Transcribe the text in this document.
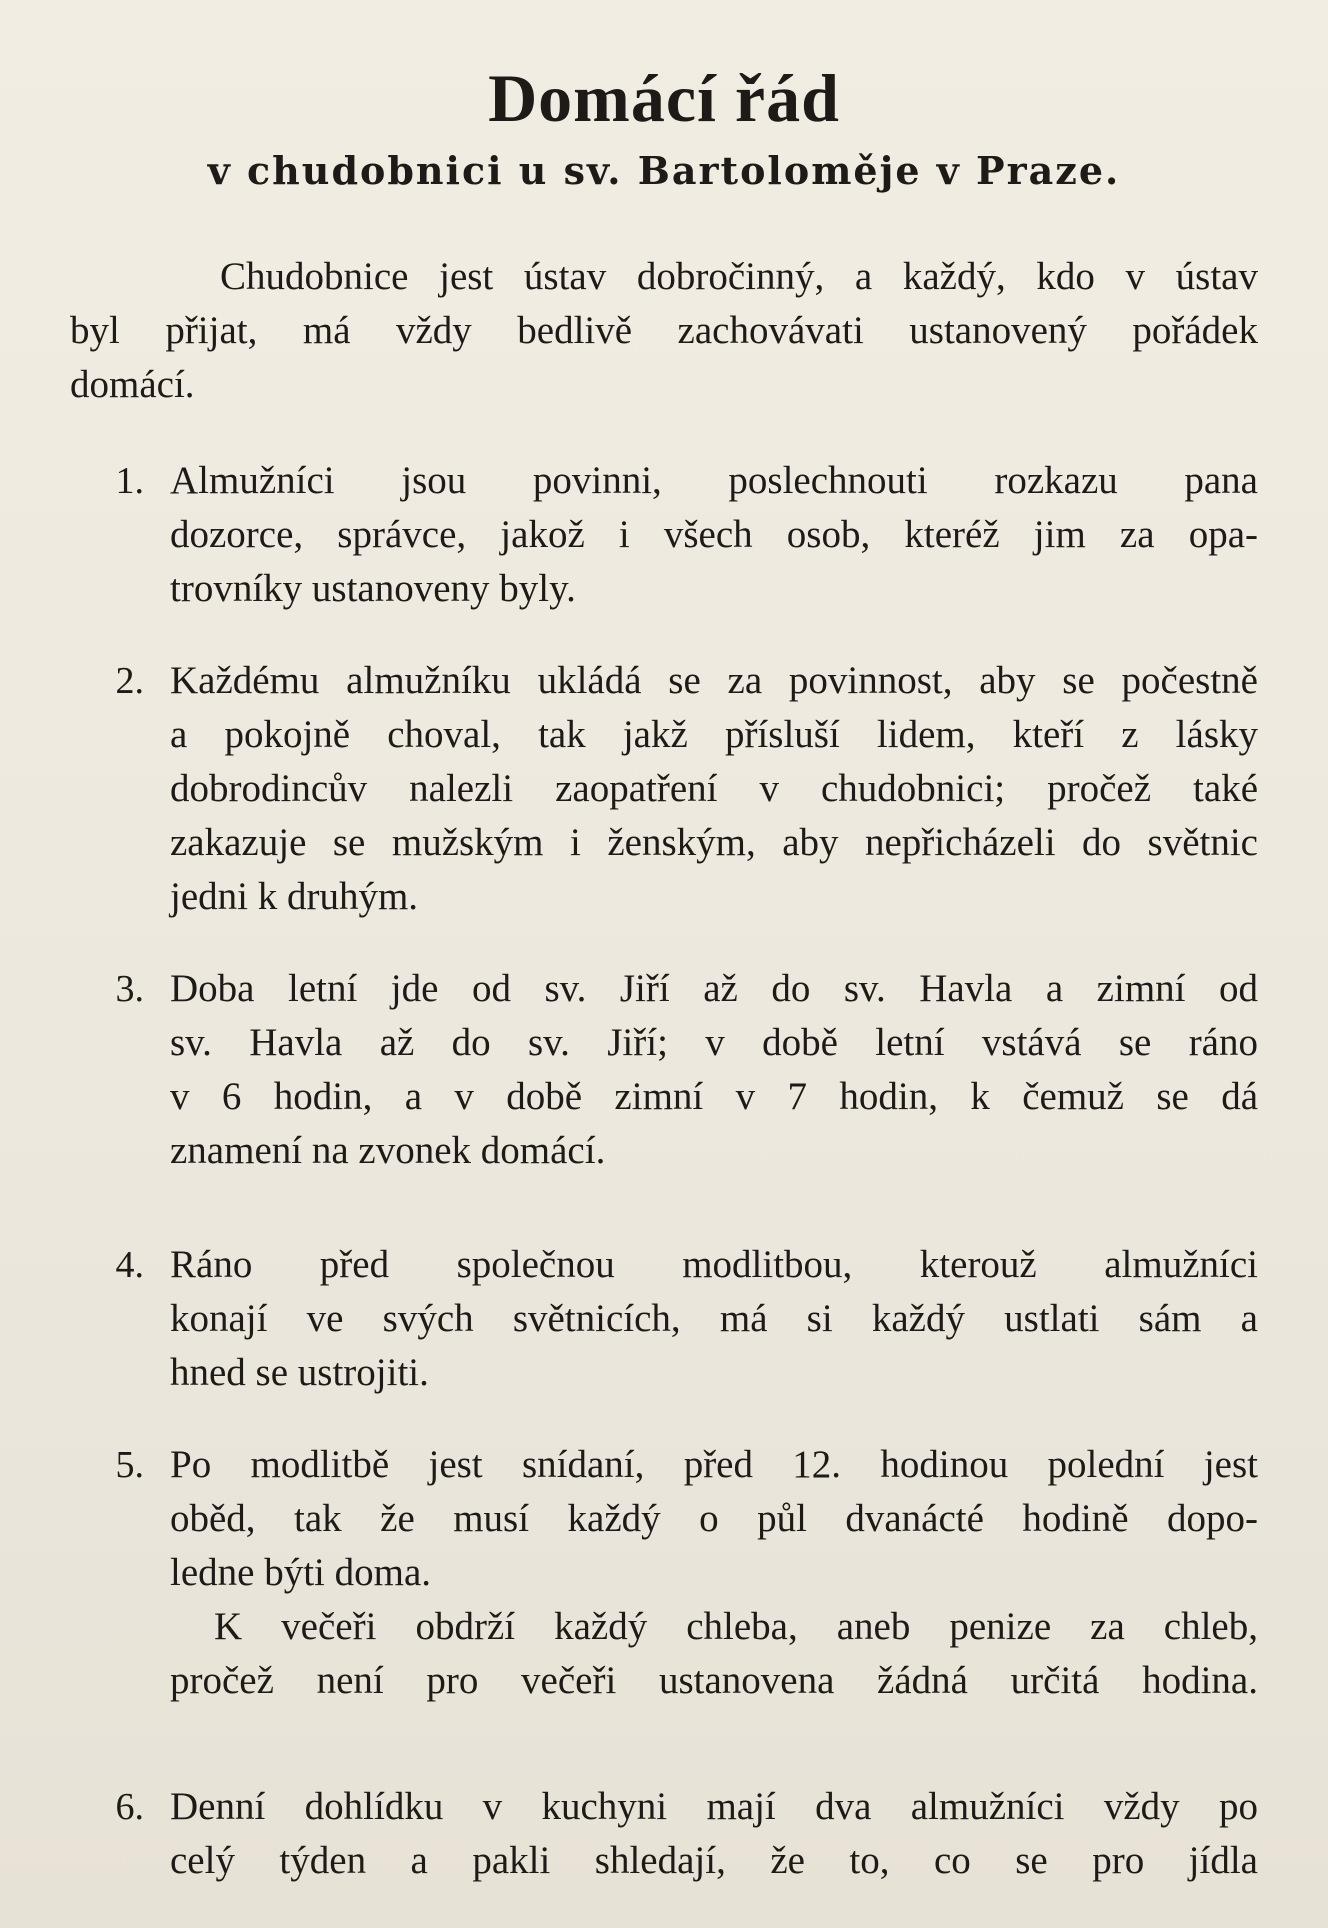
Domácí řád
v chudobnici u sv. Bartoloměje v Praze.
Chudobnice jest ústav dobročinný, a každý, kdo v ústav
byl přijat, má vždy bedlivě zachovávati ustanovený pořádek
domácí.
1. Almužníci jsou povinni, poslechnouti rozkazu pana
dozorce, správce, jakož i všech osob, kteréž jim za opa-
trovníky ustanoveny byly.
2. Každému almužníku ukládá se za povinnost, aby se počestně
a pokojně choval, tak jakž přísluší lidem, kteří z lásky
dobrodincův nalezli zaopatření v chudobnici; pročež také
zakazuje se mužským i ženským, aby nepřicházeli do světnic
jedni k druhým.
3. Doba letní jde od sv. Jiří až do sv. Havla a zimní od
sv. Havla až do sv. Jiří; v době letní vstává se ráno
v 6 hodin, a v době zimní v 7 hodin, k čemuž se dá
znamení na zvonek domácí.
4. Ráno před společnou modlitbou, kterouž almužníci
konají ve svých světnicích, má si každý ustlati sám a
hned se ustrojiti.
5. Po modlitbě jest snídaní, před 12. hodinou polední jest
oběd, tak že musí každý o půl dvanácté hodině dopo-
ledne býti doma.
K večeři obdrží každý chleba, aneb penize za chleb,
pročež není pro večeři ustanovena žádná určitá hodina.
6. Denní dohlídku v kuchyni mají dva almužníci vždy po
celý týden a pakli shledají, že to, co se pro jídla
